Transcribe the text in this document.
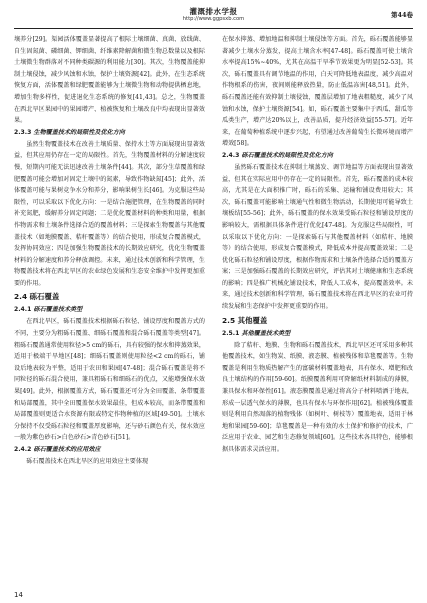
灌溉排水学报
http://www.ggpsxb.com	第44卷

壤养分[29]。渠园活体覆盖显著提高了根际土壤细菌、真菌、放线菌、自生固氮菌、磷细菌、钾细菌、纤维素降解菌和微生物总数量以及根际土壤微生物群落对不同种类碳源的利用能力[30]。其次，生物覆盖能抑制土壤侵蚀，减少风蚀和水蚀，保护土壤资源[42]。此外，在生态系统恢复方面，活体覆盖和绿肥覆盖能够为土壤微生物和动物提供栖息地，增加生物多样性，促进退化生态系统的修复[41,43]。总之，生物覆盖在西北旱区果园中的果园增产、植被恢复和土壤改良中均表现出显著效果。

2.3.3 生物覆盖技术的局限性及优化方向

虽然生物覆盖技术在改善土壤质量、保持水土等方面展现出显著效益，但其应用仍存在一定的局限性。首先，生物覆盖材料的分解速度较慢，短期内可能无法迅速改善土壤条件[44]。其次，部分生草覆盖和绿肥覆盖可能会增加对固定土壤中的氮素，导致作物缺氮[45]；此外，活体覆盖可能与果树竞争水分和养分，影响果树生长[46]。为克服这些局限性，可以采取以下优化方向：一是结合施肥管理，在生物覆盖的同时补充氮肥，缓解养分固定问题；二是优化覆盖材料的种类和用量，根据作物需求和土壤条件选择合适的覆盖材料；三是探索生物覆盖与其他覆盖技术（如地膜覆盖、秸秆覆盖等）的结合使用，形成复合覆盖模式，发挥协同效应；四是加强生物覆盖技术的长期效应研究，优化生物覆盖材料的分解速度和养分释放调控。未来，通过技术创新和科学管理，生物覆盖技术将在西北旱区的农业绿色发展和生态安全维护中发挥更加重要的作用。

2.4 砾石覆盖
2.4.1 砾石覆盖技术类型

在西北旱区，砾石覆盖技术根据砾石粒径、铺设厚度和覆盖方式的不同，主要分为粗砾石覆盖、细砾石覆盖和混合砾石覆盖等类型[47]。粗砾石覆盖通常使用粒径>5 cm的砾石，具有较强的保水和抑蒸效果，适用于极端干旱地区[48]；细砾石覆盖则使用粒径<2 cm的砾石，铺设后地表较为平整，适用于农田和果园[47-48]；混合砾石覆盖是将不同粒径的砾石混合使用，兼具粗砾石和细砾石的优点，又能增强保水效果[49]。此外，根据覆盖方式，砾石覆盖还可分为全田覆盖、条带覆盖和局部覆盖，其中全田覆盖保水效果最佳，但成本较高，而条带覆盖和局部覆盖则更适合水资源有限或特定作物种植的区域[49-50]。土壤水分保持不仅受砾石粒径和覆盖厚度影响，还与砂石颜色有关，保水效应一般为紫色砂石>白色砂石>青色砂石[51]。

2.4.2 砾石覆盖技术的应用效应

砾石覆盖技术在西北旱区的应用效应主要体现

在保水抑蒸、增加地温和抑制土壤侵蚀等方面。首先，砾石覆盖能够显著减少土壤水分蒸发，提高土壤含水率[47-48]。砾石覆盖可使土壤含水率提高15%~40%，尤其在高温干旱季节效果更为明显[52-53]。其次，砾石覆盖具有调节地温的作用，白天可降低地表温度，减少高温对作物根系的伤害，夜间则能释放热量，防止低温冻害[48,51]。此外，砾石覆盖还能有效抑制土壤侵蚀，覆盖层增加了地表粗糙度，减少了风蚀和水蚀，保护土壤资源[54]。如，砾石覆盖主要集中于西瓜、甜瓜等瓜类生产，增产达20%以上，改善品质，提升经济效益[55-57]。近年来，在葡萄种植系统中逐步兴起，有望通过改善葡萄生长微环境而增产增效[58]。

2.4.3 砾石覆盖技术的局限性及优化方向

虽然砾石覆盖技术在抑制土壤蒸发、调节地温等方面表现出显著效益，但其在实际应用中仍存在一定的局限性。首先，砾石覆盖的成本较高，尤其是在大面积推广时，砾石的采集、运输和铺设费用较大；其次，砾石覆盖可能影响土壤通气性和微生物活动，长期使用可能导致土壤板结[55-56]；此外，砾石覆盖的保水效果受砾石粒径和铺设厚度的影响较大，需根据具体条件进行优化[47-48]。为克服这些局限性，可以采取以下优化方向：一是探索砾石与其他覆盖材料（如秸秆、地膜等）的结合使用，形成复合覆盖模式，降低成本并提高覆盖效果；二是优化砾石粒径和铺设厚度，根据作物需求和土壤条件选择合适的覆盖方案；三是加强砾石覆盖的长期效应研究，评估其对土壤健康和生态系统的影响；四是推广机械化铺设技术，降低人工成本，提高覆盖效率。未来，通过技术创新和科学管理，砾石覆盖技术将在西北旱区的农业可持续发展和生态保护中发挥更重要的作用。

2.5 其他覆盖
2.5.1 其他覆盖技术类型

除了秸秆、地膜、生物和砾石覆盖技术，西北旱区还可采用多种其他覆盖技术，如生物炭、纸膜、液态膜、植被残体和草毯覆盖等。生物覆盖是利用生物质热解产生的富碳材料覆盖地表，具有保水、增肥和改良土壤结构的作用[59-60]。纸膜覆盖利用可降解纸材料制成的薄膜，兼具保水和环保性[61]。液态膜覆盖是通过将高分子材料喷洒于地表，形成一层透气保水的薄膜，也具有保水与环保作用[62]。植被残体覆盖则是利用自然凋落的植物残体（如树叶、树枝等）覆盖地表，适用于林地和果园[59-60]；草毯覆盖是一种有效的水土保护和修护的技术，广泛应用于农业、园艺和生态修复领域[60]。这些技术各具特色，能够根据具体需求灵活应用。

14
